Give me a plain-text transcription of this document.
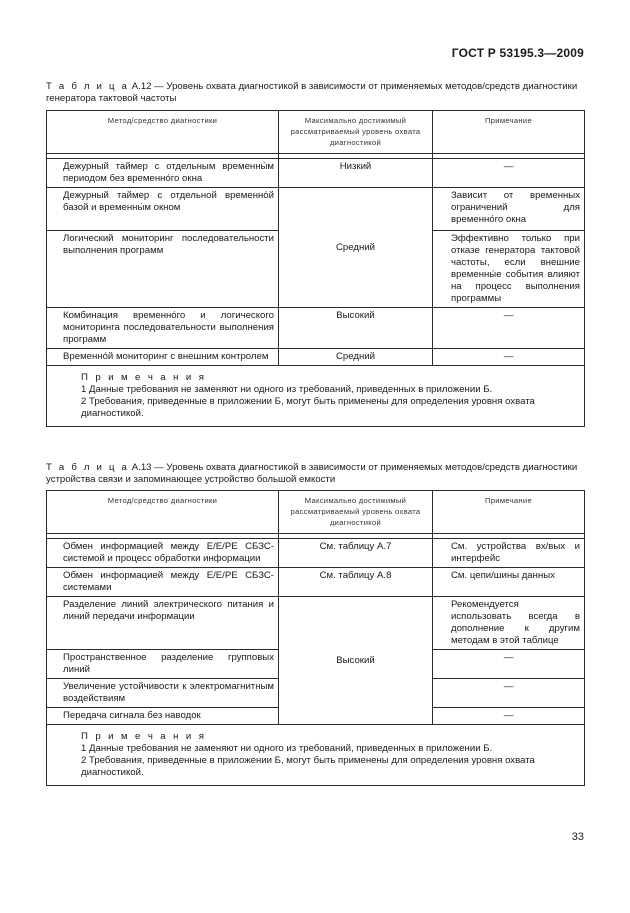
ГОСТ Р 53195.3—2009
Т а б л и ц а А.12 — Уровень охвата диагностикой в зависимости от применяемых методов/средств диагностики генератора тактовой частоты
Метод/средство диагностики	Максимально достижимый рассматриваемый уровень охвата диагностикой	Примечание

Дежурный таймер с отдельным временны́м периодом без временно́го окна	Низкий	—
Дежурный таймер с отдельной временно́й базой и временны́м окном	Средний	Зависит от временных ограничений для временно́го окна
Логический мониторинг последовательности выполнения программ		Эффективно только при отказе генератора тактовой частоты, если внешние временны́е события влияют на процесс выполнения программы
Комбинация временно́го и логического мониторинга последовательности выполнения программ	Высокий	—
Временно́й мониторинг с внешним контролем	Средний	—

П р и м е ч а н и я
1 Данные требования не заменяют ни одного из требований, приведенных в приложении Б.
2 Требования, приведенные в приложении Б, могут быть применены для определения уровня охвата диагностикой.		
Т а б л и ц а А.13 — Уровень охвата диагностикой в зависимости от применяемых методов/средств диагностики устройства связи и запоминающее устройство большой емкости
Метод/средство диагностики	Максимально достижимый рассматриваемый уровень охвата диагностикой	Примечание

Обмен информацией между Е/Е/РЕ СБЗС-системой и процесс обработки информации	См. таблицу А.7	См. устройства вх/вых и интерфейс
Обмен информацией между Е/Е/РЕ СБЗС-системами	См. таблицу А.8	См. цепи/шины данных
Разделение линий электрического питания и линий передачи информации	Высокий	Рекомендуется использовать всегда в дополнение к другим методам в этой таблице
Пространственное разделение групповых линий		—
Увеличение устойчивости к электромагнитным воздействиям		—
Передача сигнала без наводок		—

П р и м е ч а н и я
1 Данные требования не заменяют ни одного из требований, приведенных в приложении Б.
2 Требования, приведенные в приложении Б, могут быть применены для определения уровня охвата диагностикой.		
33
